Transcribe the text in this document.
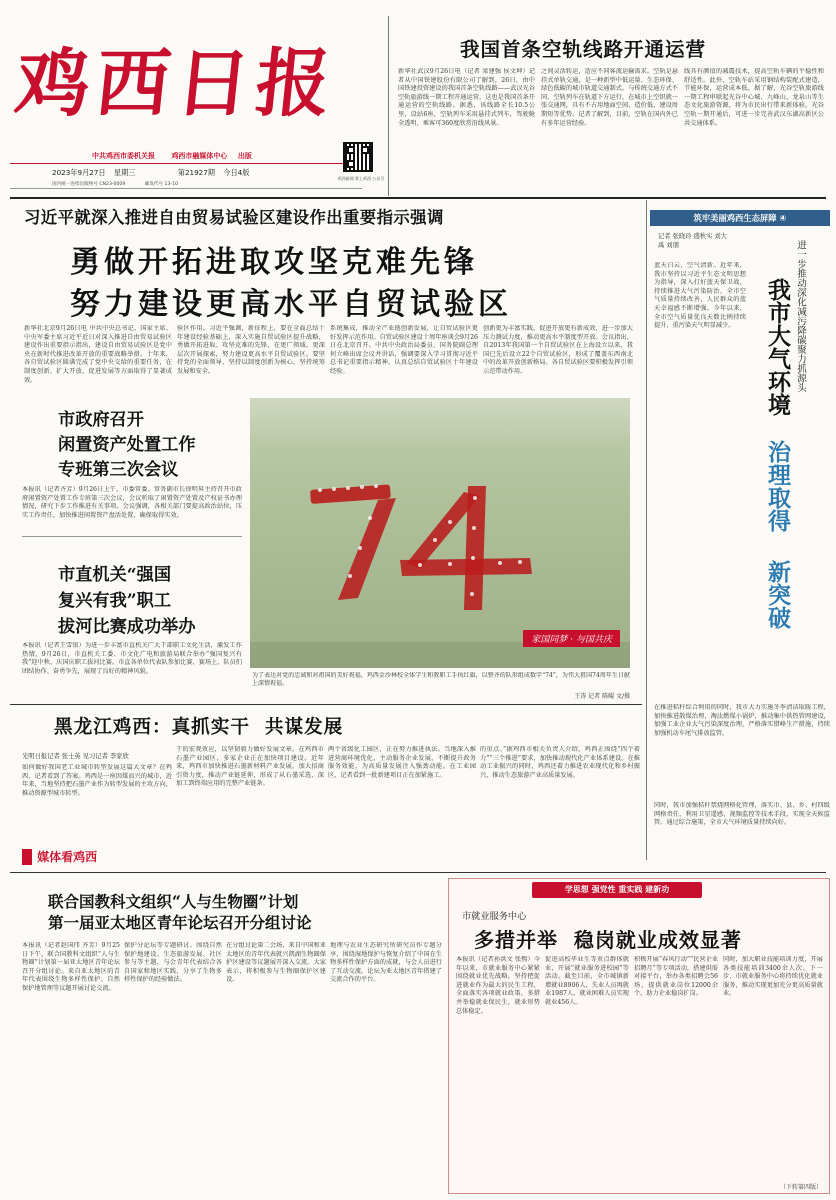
鸡西日报
中共鸡西市委机关报 鸡西市融媒体中心 出版
2023年9月27日 星期三	第21927期 今日4版
国内统一连续出版物号 CN23-0009	邮发代号 13-10
鸡西新闻 掌上鸡西 公众号
我国首条空轨线路开通运营
新华社武汉9月26日电（记者 梁建强 侯文坤）记者从中国铁建股份有限公司了解到，26日，由中国铁建投资建设的我国首条空轨线路——武汉光谷空轨旅游线一期工程开通运营，这也是我国首条开通运营的空轨线路。据悉，该线路全长10.5公里，设站6座，空轨列车采用悬挂式列车，驾驶舱全透明，乘客可360度欣赏沿线风景。
之间灵活转运，适应不同客流运输需求。空轨是悬挂式单轨交通，是一种新型中低运量、生态环保、绿色低碳的城市轨道交通制式。与传统交通方式不同，空轨列车在轨道下方运行，在城市上空织就一张交通网，具有不占用地面空间、造价低、建设周期短等优势。记者了解到，目前，空轨在国内外已有多年运营经验。
线具有颜值的减震技术，提高空轨车辆的平稳性和舒适性。此外，空轨车站采用钢结构装配式建造，节能环保，运营成本低。据了解，光谷空轨旅游线一期工程串联起光谷中心城、九峰山、龙泉山等生态文化旅游资源，将为市民出行带来新体验。光谷空轨一期开通后，可进一步完善武汉东湖高新区公共交通体系。
习近平就深入推进自由贸易试验区建设作出重要指示强调
勇做开拓进取攻坚克难先锋
努力建设更高水平自贸试验区
新华社北京9月26日电 中共中央总书记、国家主席、中央军委主席习近平近日对深入推进自由贸易试验区建设作出重要指示指出，建设自由贸易试验区是党中央在新时代推进改革开放的重要战略举措。十年来，各自贸试验区圆满完成了党中央交给的重要任务，在制度创新、扩大开放、促进发展等方面取得了显著成效。
验区作用。习近平强调，新征程上，要在全面总结十年建设经验基础上，深入实施自贸试验区提升战略，勇做开拓进取、攻坚克难的先锋，在更广领域、更深层次开展探索，努力建设更高水平自贸试验区。要坚持党的全面领导，坚持以制度创新为核心，坚持统筹发展和安全。
系统集成，推动全产业链创新发展，让自贸试验区更好发挥示范作用。自贸试验区建设十周年座谈会9月26日在北京召开。中共中央政治局委员、国务院副总理何立峰出席会议并讲话，强调要深入学习贯彻习近平总书记重要指示精神，认真总结自贸试验区十年建设经验。
创新更为丰富实践，促进开放更有新成效，进一步加大压力测试力度，推动更高水平制度型开放。会议指出，自2013年我国第一个自贸试验区在上海设立以来，我国已先后设立22个自贸试验区，形成了覆盖东西南北中的改革开放创新格局。各自贸试验区要积极发挥引领示范带动作用。
市政府召开
闲置资产处置工作
专班第三次会议
本报讯（记者齐芳）9月26日上午，市委常委、常务副市长徐明昇主持召开市政府闲置资产处置工作专班第三次会议，会议听取了闲置资产处置及产权证书办理情况，研究下步工作推进有关事项。会议强调，各相关部门要提高政治站位，压实工作责任，加快推进闲置资产盘活处置，确保取得实效。
市直机关“强国
复兴有我”职工
拔河比赛成功举办
本报讯（记者王雪银）为进一步丰富市直机关广大干部职工文化生活，激发工作热情，9月26日，市直机关工委、市文化广电和旅游局联合举办“强国复兴有我”迎中秋、庆国庆职工拔河比赛。市直各单位代表队参加比赛，赛场上，队员们团结协作、奋勇争先，展现了良好的精神风貌。
家国同梦 · 与国共庆
为了表达对党的忠诚和对祖国的美好祝福，鸡西金沙林校全体学生和教职工手执红旗，以整齐的队形组成数字“74”，为伟大祖国74周年生日献上深情祝福。
王涛 记者 陈鲲 文/摄
筑牢美丽鸡西生态屏障 ④
记者 张晓玲 盛秋实 刘大禹 刘朋	进一步推动深化减污降碳聚力抓源头
我市大气环境
治理取得
新突破
蓝天白云，空气清新。近年来，我市坚持以习近平生态文明思想为指导，深入打好蓝天保卫战，持续推进大气污染防治，全市空气质量持续改善，人民群众的蓝天幸福感不断增强。今年以来，全市空气质量优良天数比例持续提升，重污染天气明显减少。
在推进秸秆综合利用的同时，我市大力实施冬季清洁取暖工程，加快推进散煤治理，淘汰燃煤小锅炉，推动集中供热管网建设，加强工业企业大气污染深度治理，严格落实错峰生产措施，持续加强机动车尾气排放监管。
同时，我市加强秸秆禁烧网格化管理，落实市、县、乡、村四级网格责任，利用卫星遥感、视频监控等技术手段，实现全天候监管。通过综合施策，全市大气环境质量持续向好。
黑龙江鸡西：真抓实干  共谋发展
光明日报记者 张士英 见习记者 李家欣
如何做好我国老工业城市转型发展这篇大文章？在鸡西，记者看到了答案。鸡西是一座因煤而兴的城市，近年来，当地坚持把石墨产业作为转型发展的主攻方向，推动资源型城市转型。
媒体看鸡西
干的宏观效应，以坚韧毅力做好发展文章。在鸡西市石墨产业园区，多家企业正在加快项目建设。近年来，鸡西市加快推进石墨新材料产业发展，加大招商引资力度，推动产业链延伸，形成了从石墨采选、深加工到终端应用的完整产业链条。
两个省级化工园区，正在努力推进执法。当地深入推进营商环境优化，主动服务企业发展，不断提升政务服务效能，为高质量发展注入强劲动能。在工业园区，记者看到一批新建项目正在加紧施工。
的重点。”据鸡西市相关负责人介绍，鸡西正围绕“四个着力”“三个推进”要求，加快推动现代化产业体系建设。在推动工业振兴的同时，鸡西还着力推进农业现代化和乡村振兴，推动生态旅游产业高质量发展。
联合国教科文组织“人与生物圈”计划
第一届亚太地区青年论坛召开分组讨论
本报讯（记者赵国伟 齐芳）9月25日下午，联合国教科文组织“人与生物圈”计划第一届亚太地区青年论坛召开分组讨论。来自亚太地区的青年代表围绕生物多样性保护、自然保护地管理等议题开展讨论交流。
保护分论坛等专题研讨。围绕自然保护地建设、生态旅游发展、社区参与等主题，与会青年代表结合各自国家和地区实践，分享了生物多样性保护的经验做法。
在分组讨论第二会场，来自中国和亚太地区的青年代表就兴凯湖生物圈保护区建设等议题展开深入交流。大家表示，将积极参与生物圈保护区建设。
地理与农业生态研究所研究员作专题分享，围绕湿地保护与恢复介绍了中国在生物多样性保护方面的成就，与会人员进行了互动交流。论坛为亚太地区青年搭建了交流合作的平台。
学思想 强党性 重实践 建新功
市就业服务中心
多措并举  稳岗就业成效显著
本报讯（记者孙洪文 张熙）今年以来，市就业服务中心紧紧围绕就业优先战略，坚持把促进就业作为最大的民生工程，全面落实各项就业政策，多措并举稳就业保民生，就业形势总体稳定。
促进高校毕业生等重点群体就业，开展“就业服务进校园”等活动。截至目前，全市城镇新增就业8906人，失业人员再就业1987人，就业困难人员实现就业456人。
积极开展“春风行动”“民营企业招聘月”等专项活动，搭建供需对接平台，举办各类招聘会56场，提供就业岗位12000余个，助力企业稳岗扩岗。
同时，加大职业技能培训力度，开展各类技能培训3400余人次。下一步，市就业服务中心将持续优化就业服务，推动实现更加充分更高质量就业。
（下转第四版）
